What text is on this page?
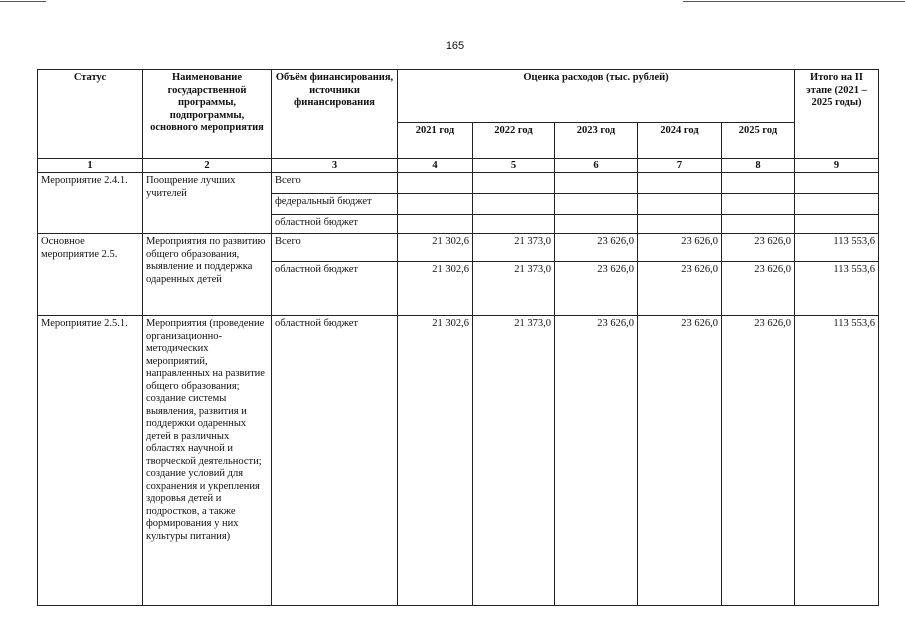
165
Статус	Наименование государственной программы, подпрограммы, основного мероприятия	Объём финансирования, источники финансирования	Оценка расходов (тыс. рублей)					Итого на II этапе (2021 – 2025 годы)
			2021 год	2022 год	2023 год	2024 год	2025 год	
1	2	3	4	5	6	7	8	9
Мероприятие 2.4.1.	Поощрение лучших учителей	Всего						
		федеральный бюджет						
		областной бюджет						
Основное мероприятие 2.5.	Мероприятия по развитию общего образования, выявление и поддержка одаренных детей	Всего	21 302,6	21 373,0	23 626,0	23 626,0	23 626,0	113 553,6
		областной бюджет	21 302,6	21 373,0	23 626,0	23 626,0	23 626,0	113 553,6
Мероприятие 2.5.1.	Мероприятия (проведение организационно-методических мероприятий, направленных на развитие общего образования; создание системы выявления, развития и поддержки одаренных детей в различных областях научной и творческой деятельности; создание условий для сохранения и укрепления здоровья детей и подростков, а также формирования у них культуры питания)	областной бюджет	21 302,6	21 373,0	23 626,0	23 626,0	23 626,0	113 553,6
